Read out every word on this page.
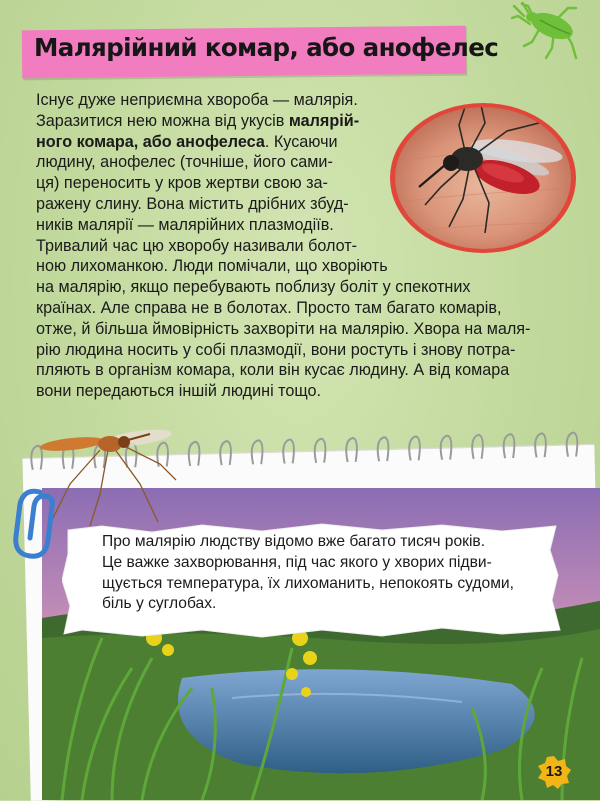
Малярійний комар, або анофелес
Існує дуже неприємна хвороба — малярія.
Заразитися нею можна від укусів малярій-
ного комара, або анофелеса. Кусаючи
людину, анофелес (точніше, його сами-
ця) переносить у кров жертви свою за-
ражену слину. Вона містить дрібних збуд-
ників малярії — малярійних плазмодіїв.
Тривалий час цю хворобу називали болот-
ною лихоманкою. Люди помічали, що хворіють
на малярію, якщо перебувають поблизу боліт у спекотних
країнах. Але справа не в болотах. Просто там багато комарів,
отже, й більша ймовірність захворіти на малярію. Хвора на маля-
рію людина носить у собі плазмодії, вони ростуть і знову потра-
пляють в організм комара, коли він кусає людину. А від комара
вони передаються іншій людині тощо.
Про малярію людству відомо вже багато тисяч років.
Це важке захворювання, під час якого у хворих підви-
щується температура, їх лихоманить, непокоять судоми,
біль у суглобах.
13
